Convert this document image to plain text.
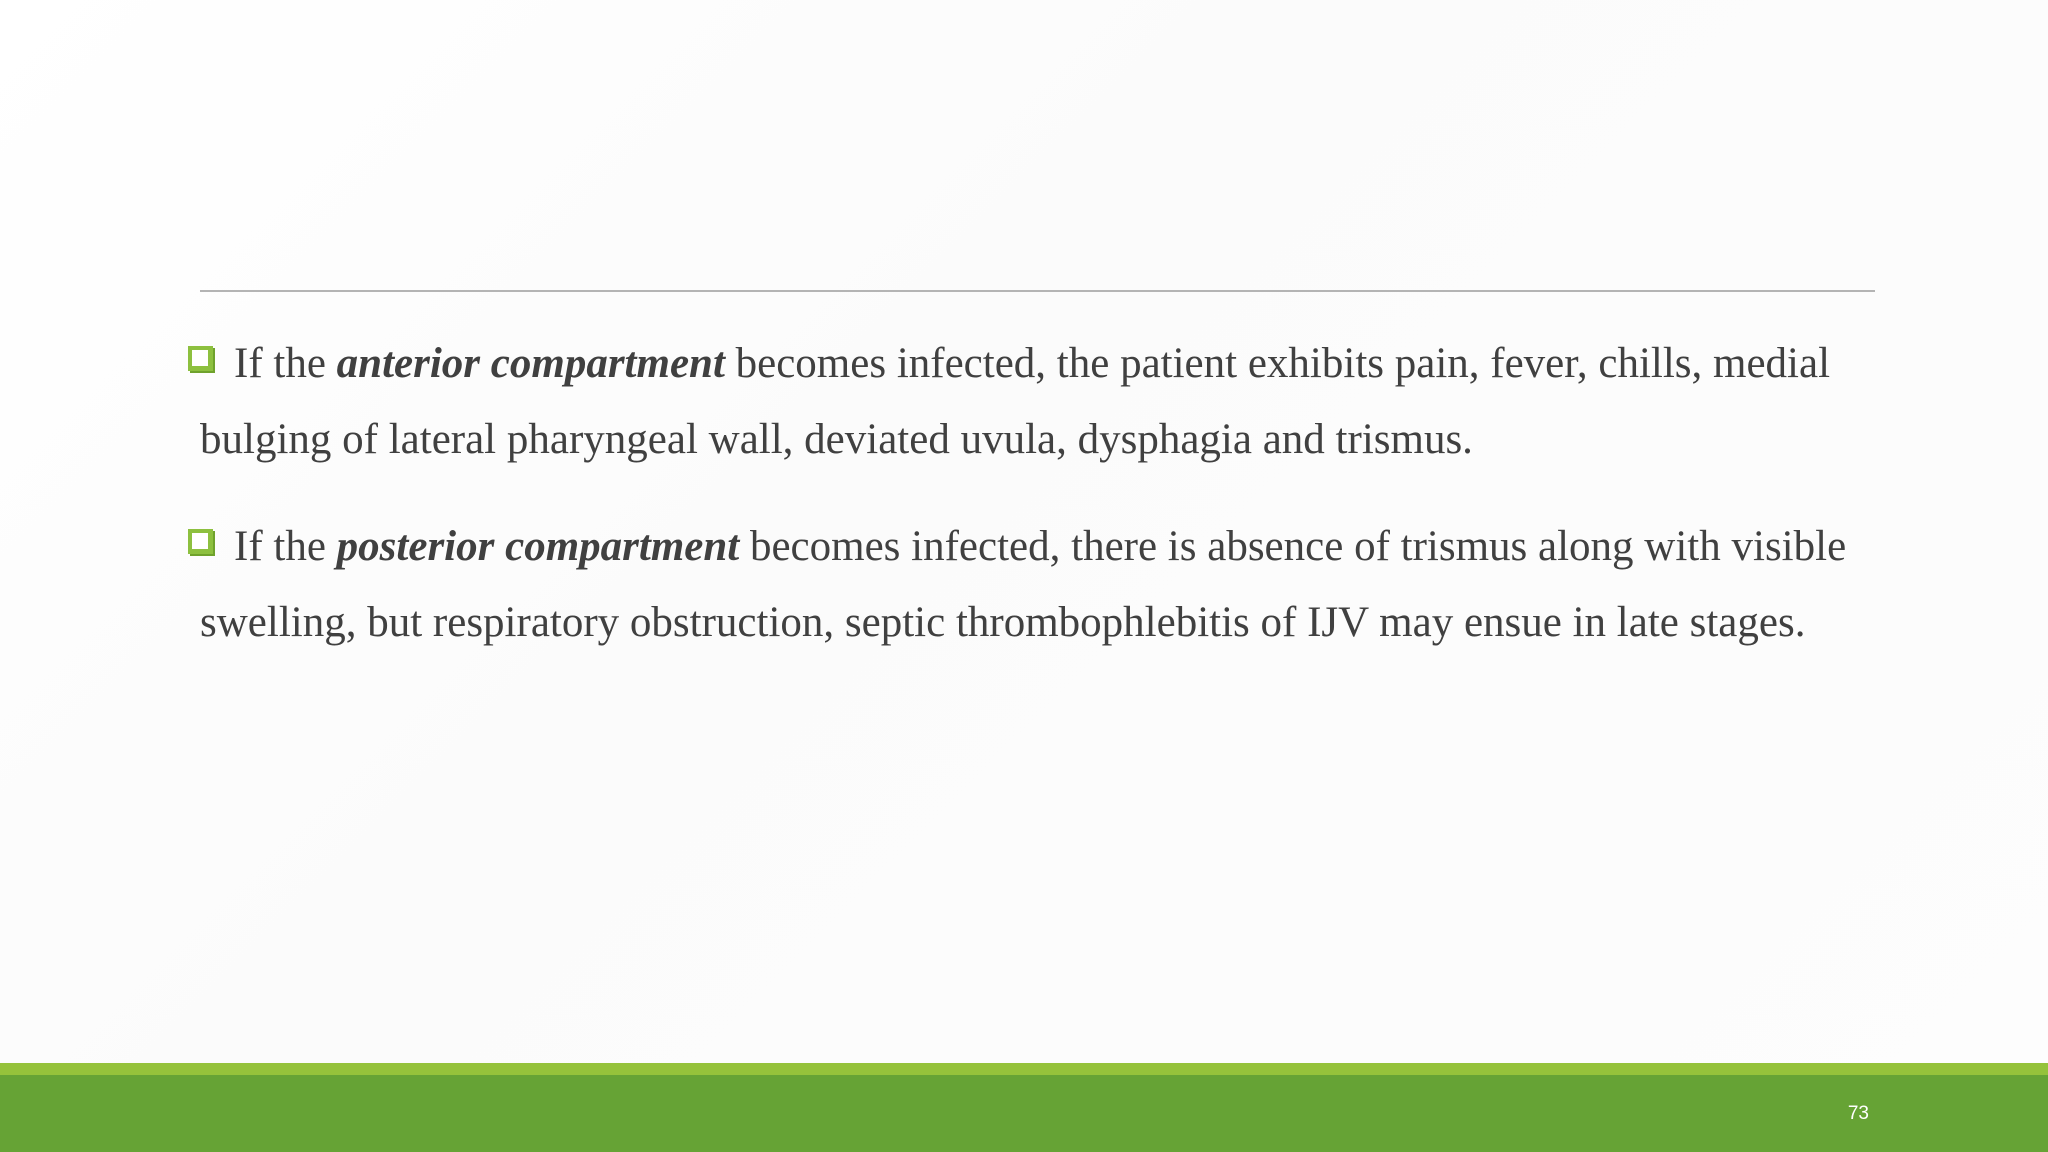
If the anterior compartment becomes infected, the patient exhibits pain, fever, chills, medial bulging of lateral pharyngeal wall, deviated uvula, dysphagia and trismus.
If the posterior compartment becomes infected, there is absence of trismus along with visible swelling, but respiratory obstruction, septic thrombophlebitis of IJV may ensue in late stages.
73
